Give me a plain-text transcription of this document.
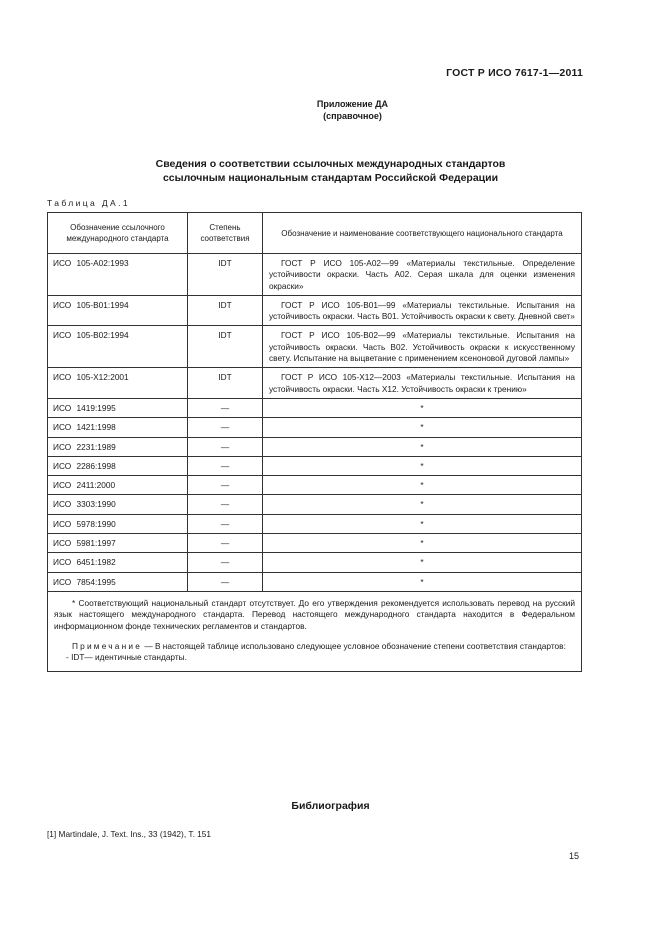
ГОСТ Р ИСО 7617-1—2011
Приложение ДА
(справочное)
Сведения о соответствии ссылочных международных стандартов
ссылочным национальным стандартам Российской Федерации
Таблица ДА.1
Обозначение ссылочного международного стандарта	Степень соответствия	Обозначение и наименование соответствующего национального стандарта
ИСО 105-А02:1993	IDT	ГОСТ Р ИСО 105-А02—99 «Материалы текстильные. Определение устойчивости окраски. Часть А02. Серая шкала для оценки изменения окраски»
ИСО 105-В01:1994	IDT	ГОСТ Р ИСО 105-В01—99 «Материалы текстильные. Испытания на устойчивость окраски. Часть В01. Устойчивость окраски к свету. Дневной свет»
ИСО 105-В02:1994	IDT	ГОСТ Р ИСО 105-В02—99 «Материалы текстильные. Испытания на устойчивость окраски. Часть В02. Устойчивость окраски к искусственному свету. Испытание на выцветание с применением ксеноновой дуговой лампы»
ИСО 105-Х12:2001	IDT	ГОСТ Р ИСО 105-Х12—2003 «Материалы текстильные. Испытания на устойчивость окраски. Часть Х12. Устойчивость окраски к трению»
ИСО 1419:1995	—	*
ИСО 1421:1998	—	*
ИСО 2231:1989	—	*
ИСО 2286:1998	—	*
ИСО 2411:2000	—	*
ИСО 3303:1990	—	*
ИСО 5978:1990	—	*
ИСО 5981:1997	—	*
ИСО 6451:1982	—	*
ИСО 7854:1995	—	*

* Соответствующий национальный стандарт отсутствует. До его утверждения рекомендуется использовать перевод на русский язык настоящего международного стандарта. Перевод настоящего международного стандарта находится в Федеральном информационном фонде технических регламентов и стандартов.

Примечание — В настоящей таблице использовано следующее условное обозначение степени соответствия стандартов:

- IDT— идентичные стандарты.		

Библиография
[1] Martindale, J. Text. Ins., 33 (1942), Т. 151
15
